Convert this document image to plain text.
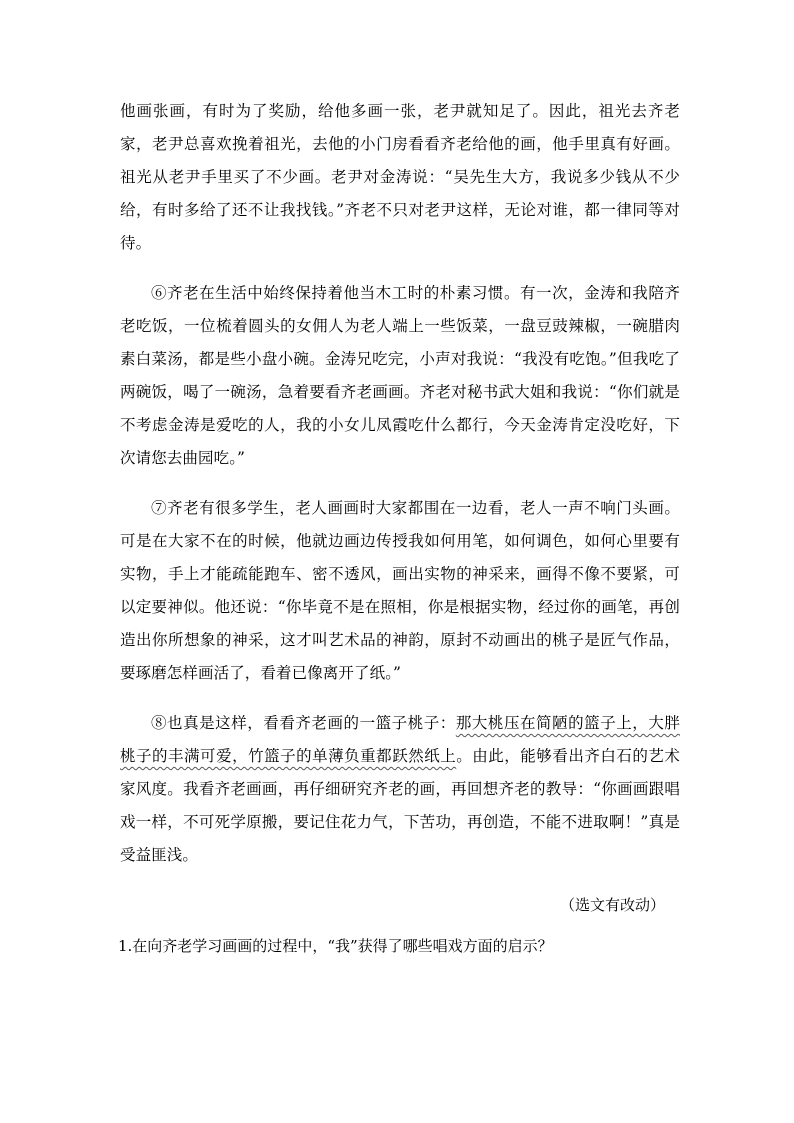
他画张画，有时为了奖励，给他多画一张，老尹就知足了。因此，祖光去齐老家，老尹总喜欢挽着祖光，去他的小门房看看齐老给他的画，他手里真有好画。祖光从老尹手里买了不少画。老尹对金涛说：“吴先生大方，我说多少钱从不少给，有时多给了还不让我找钱。”齐老不只对老尹这样，无论对谁，都一律同等对待。

⑥齐老在生活中始终保持着他当木工时的朴素习惯。有一次，金涛和我陪齐老吃饭，一位梳着圆头的女佣人为老人端上一些饭菜，一盘豆豉辣椒，一碗腊肉素白菜汤，都是些小盘小碗。金涛兄吃完，小声对我说：“我没有吃饱。”但我吃了两碗饭，喝了一碗汤，急着要看齐老画画。齐老对秘书武大姐和我说：“你们就是不考虑金涛是爱吃的人，我的小女儿凤霞吃什么都行，今天金涛肯定没吃好，下次请您去曲园吃。”

⑦齐老有很多学生，老人画画时大家都围在一边看，老人一声不响门头画。可是在大家不在的时候，他就边画边传授我如何用笔，如何调色，如何心里要有实物，手上才能疏能跑车、密不透风，画出实物的神采来，画得不像不要紧，可以定要神似。他还说：“你毕竟不是在照相，你是根据实物，经过你的画笔，再创造出你所想象的神采，这才叫艺术品的神韵，原封不动画出的桃子是匠气作品，要琢磨怎样画活了，看着已像离开了纸。”

⑧也真是这样，看看齐老画的一篮子桃子：那大桃压在简陋的篮子上，大胖桃子的丰满可爱，竹篮子的单薄负重都跃然纸上。由此，能够看出齐白石的艺术家风度。我看齐老画画，再仔细研究齐老的画，再回想齐老的教导：“你画画跟唱戏一样，不可死学原搬，要记住花力气，下苦功，再创造，不能不进取啊！”真是受益匪浅。

（选文有改动）

1.在向齐老学习画画的过程中，“我”获得了哪些唱戏方面的启示？
